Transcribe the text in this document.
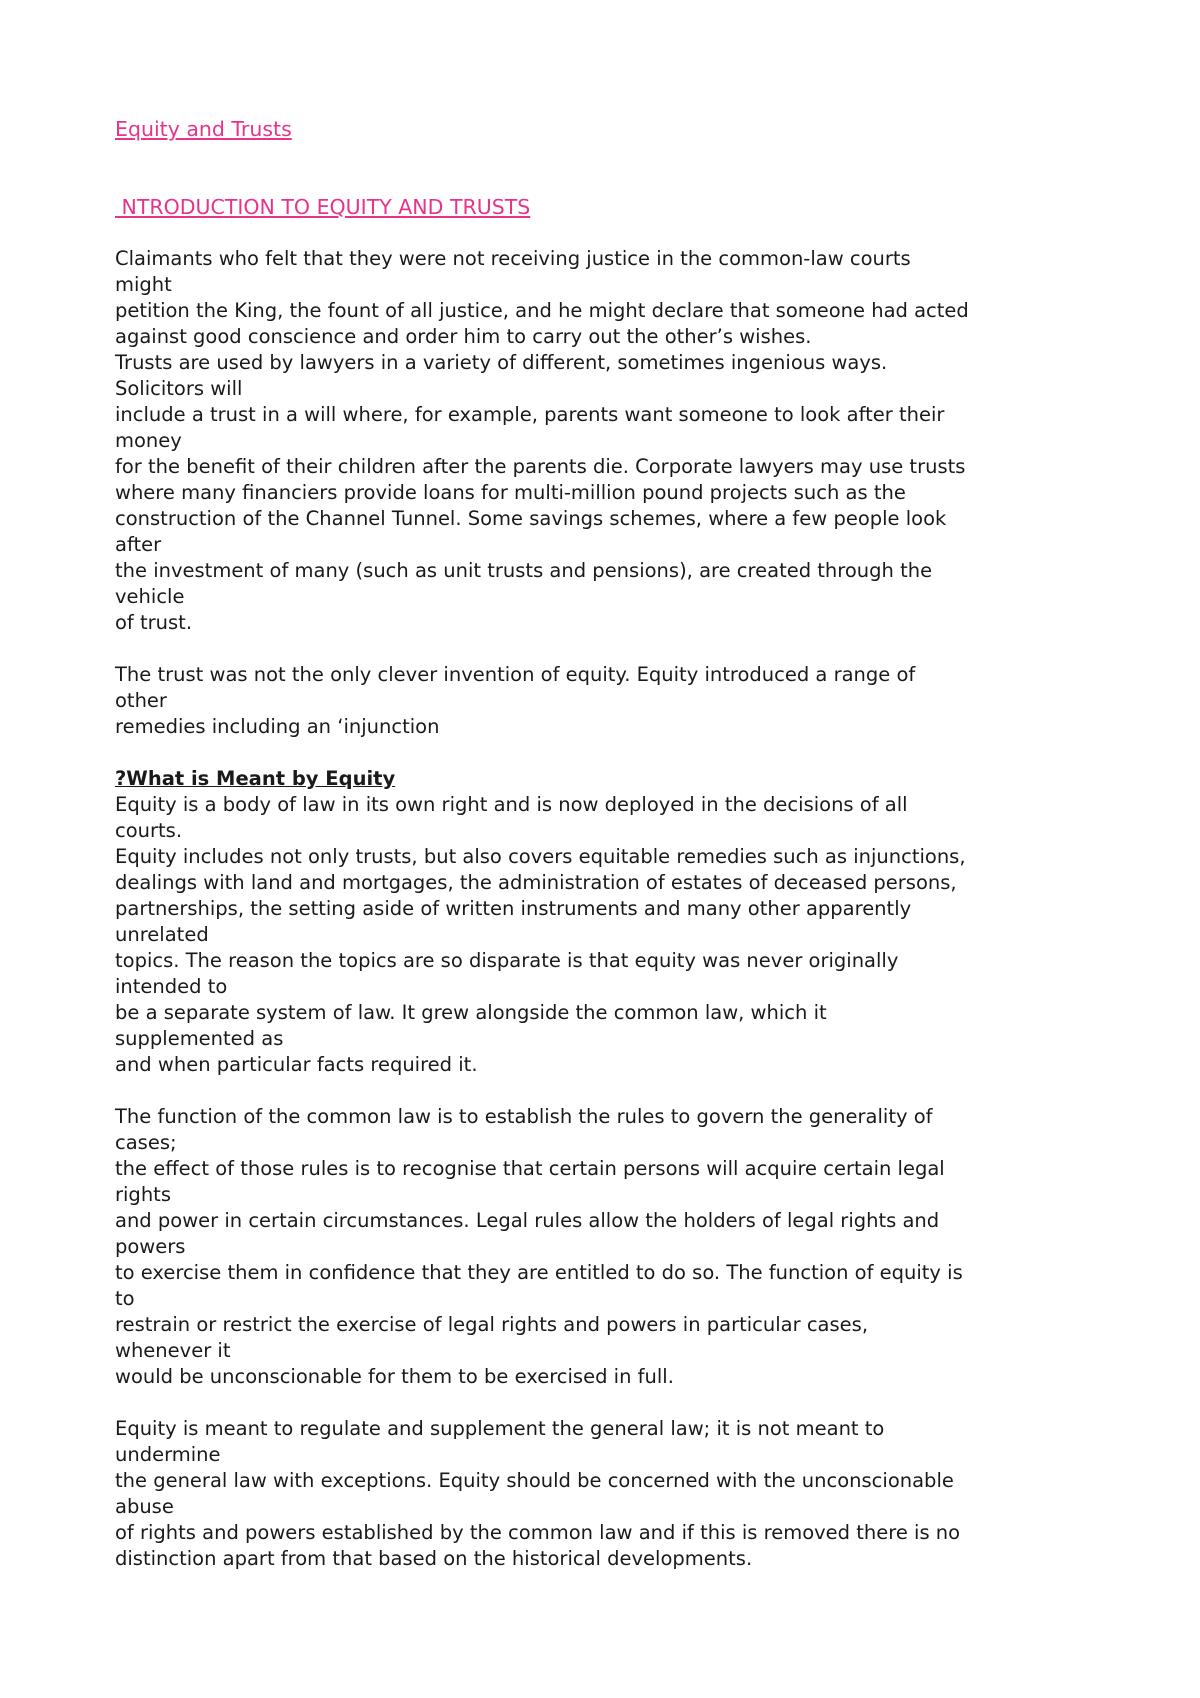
Equity and Trusts
NTRODUCTION TO EQUITY AND TRUSTS
Claimants who felt that they were not receiving justice in the common-law courts
might
petition the King, the fount of all justice, and he might declare that someone had acted
against good conscience and order him to carry out the other’s wishes.
Trusts are used by lawyers in a variety of different, sometimes ingenious ways.
Solicitors will
include a trust in a will where, for example, parents want someone to look after their
money
for the benefit of their children after the parents die. Corporate lawyers may use trusts
where many financiers provide loans for multi-million pound projects such as the
construction of the Channel Tunnel. Some savings schemes, where a few people look
after
the investment of many (such as unit trusts and pensions), are created through the
vehicle
of trust.
The trust was not the only clever invention of equity. Equity introduced a range of
other
remedies including an ‘injunction
?What is Meant by Equity
Equity is a body of law in its own right and is now deployed in the decisions of all
courts.
Equity includes not only trusts, but also covers equitable remedies such as injunctions,
dealings with land and mortgages, the administration of estates of deceased persons,
partnerships, the setting aside of written instruments and many other apparently
unrelated
topics. The reason the topics are so disparate is that equity was never originally
intended to
be a separate system of law. It grew alongside the common law, which it
supplemented as
and when particular facts required it.
The function of the common law is to establish the rules to govern the generality of
cases;
the effect of those rules is to recognise that certain persons will acquire certain legal
rights
and power in certain circumstances. Legal rules allow the holders of legal rights and
powers
to exercise them in confidence that they are entitled to do so. The function of equity is
to
restrain or restrict the exercise of legal rights and powers in particular cases,
whenever it
would be unconscionable for them to be exercised in full.
Equity is meant to regulate and supplement the general law; it is not meant to
undermine
the general law with exceptions. Equity should be concerned with the unconscionable
abuse
of rights and powers established by the common law and if this is removed there is no
distinction apart from that based on the historical developments.
